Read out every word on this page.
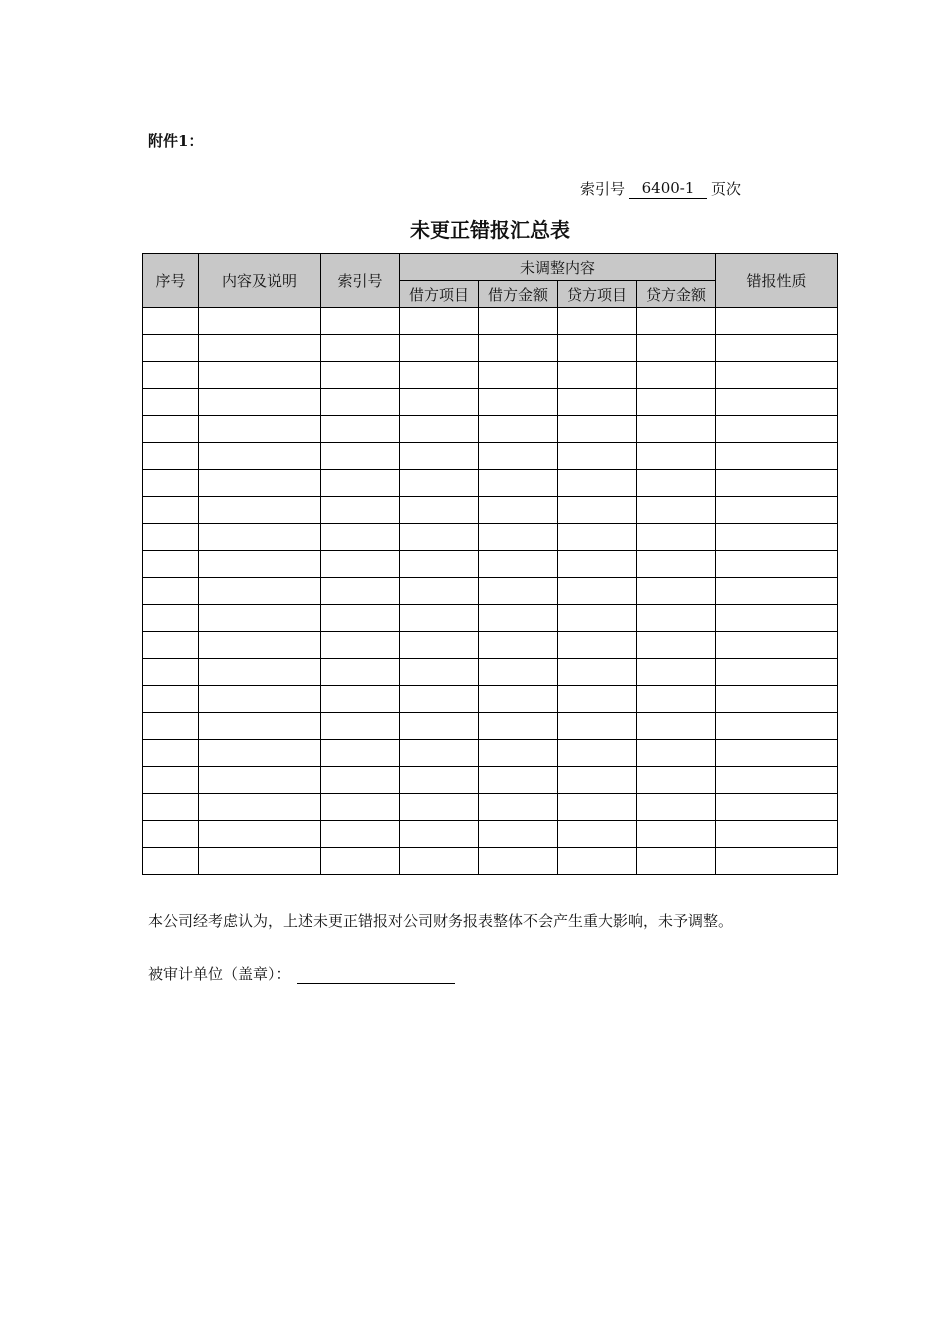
附件1：
索引号	6400-1	页次
未更正错报汇总表
序号	内容及说明	索引号	未调整内容				错报性质
			借方项目	借方金额	贷方项目	贷方金额	

本公司经考虑认为，上述未更正错报对公司财务报表整体不会产生重大影响，未予调整。
被审计单位（盖章）：
